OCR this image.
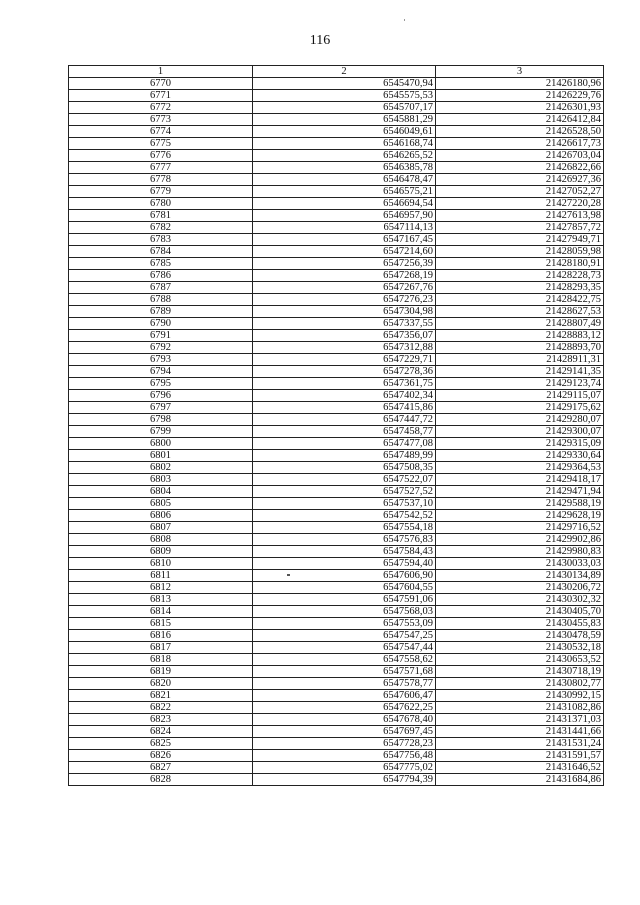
116
1	2	3
6770	6545470,94	21426180,96
6771	6545575,53	21426229,76
6772	6545707,17	21426301,93
6773	6545881,29	21426412,84
6774	6546049,61	21426528,50
6775	6546168,74	21426617,73
6776	6546265,52	21426703,04
6777	6546385,78	21426822,66
6778	6546478,47	21426927,36
6779	6546575,21	21427052,27
6780	6546694,54	21427220,28
6781	6546957,90	21427613,98
6782	6547114,13	21427857,72
6783	6547167,45	21427949,71
6784	6547214,60	21428059,98
6785	6547256,39	21428180,91
6786	6547268,19	21428228,73
6787	6547267,76	21428293,35
6788	6547276,23	21428422,75
6789	6547304,98	21428627,53
6790	6547337,55	21428807,49
6791	6547356,07	21428883,12
6792	6547312,88	21428893,70
6793	6547229,71	21428911,31
6794	6547278,36	21429141,35
6795	6547361,75	21429123,74
6796	6547402,34	21429115,07
6797	6547415,86	21429175,62
6798	6547447,72	21429280,07
6799	6547458,77	21429300,07
6800	6547477,08	21429315,09
6801	6547489,99	21429330,64
6802	6547508,35	21429364,53
6803	6547522,07	21429418,17
6804	6547527,52	21429471,94
6805	6547537,10	21429588,19
6806	6547542,52	21429628,19
6807	6547554,18	21429716,52
6808	6547576,83	21429902,86
6809	6547584,43	21429980,83
6810	6547594,40	21430033,03
6811	6547606,90	21430134,89
6812	6547604,55	21430206,72
6813	6547591,06	21430302,32
6814	6547568,03	21430405,70
6815	6547553,09	21430455,83
6816	6547547,25	21430478,59
6817	6547547,44	21430532,18
6818	6547558,62	21430653,52
6819	6547571,68	21430718,19
6820	6547578,77	21430802,77
6821	6547606,47	21430992,15
6822	6547622,25	21431082,86
6823	6547678,40	21431371,03
6824	6547697,45	21431441,66
6825	6547728,23	21431531,24
6826	6547756,48	21431591,57
6827	6547775,02	21431646,52
6828	6547794,39	21431684,86
